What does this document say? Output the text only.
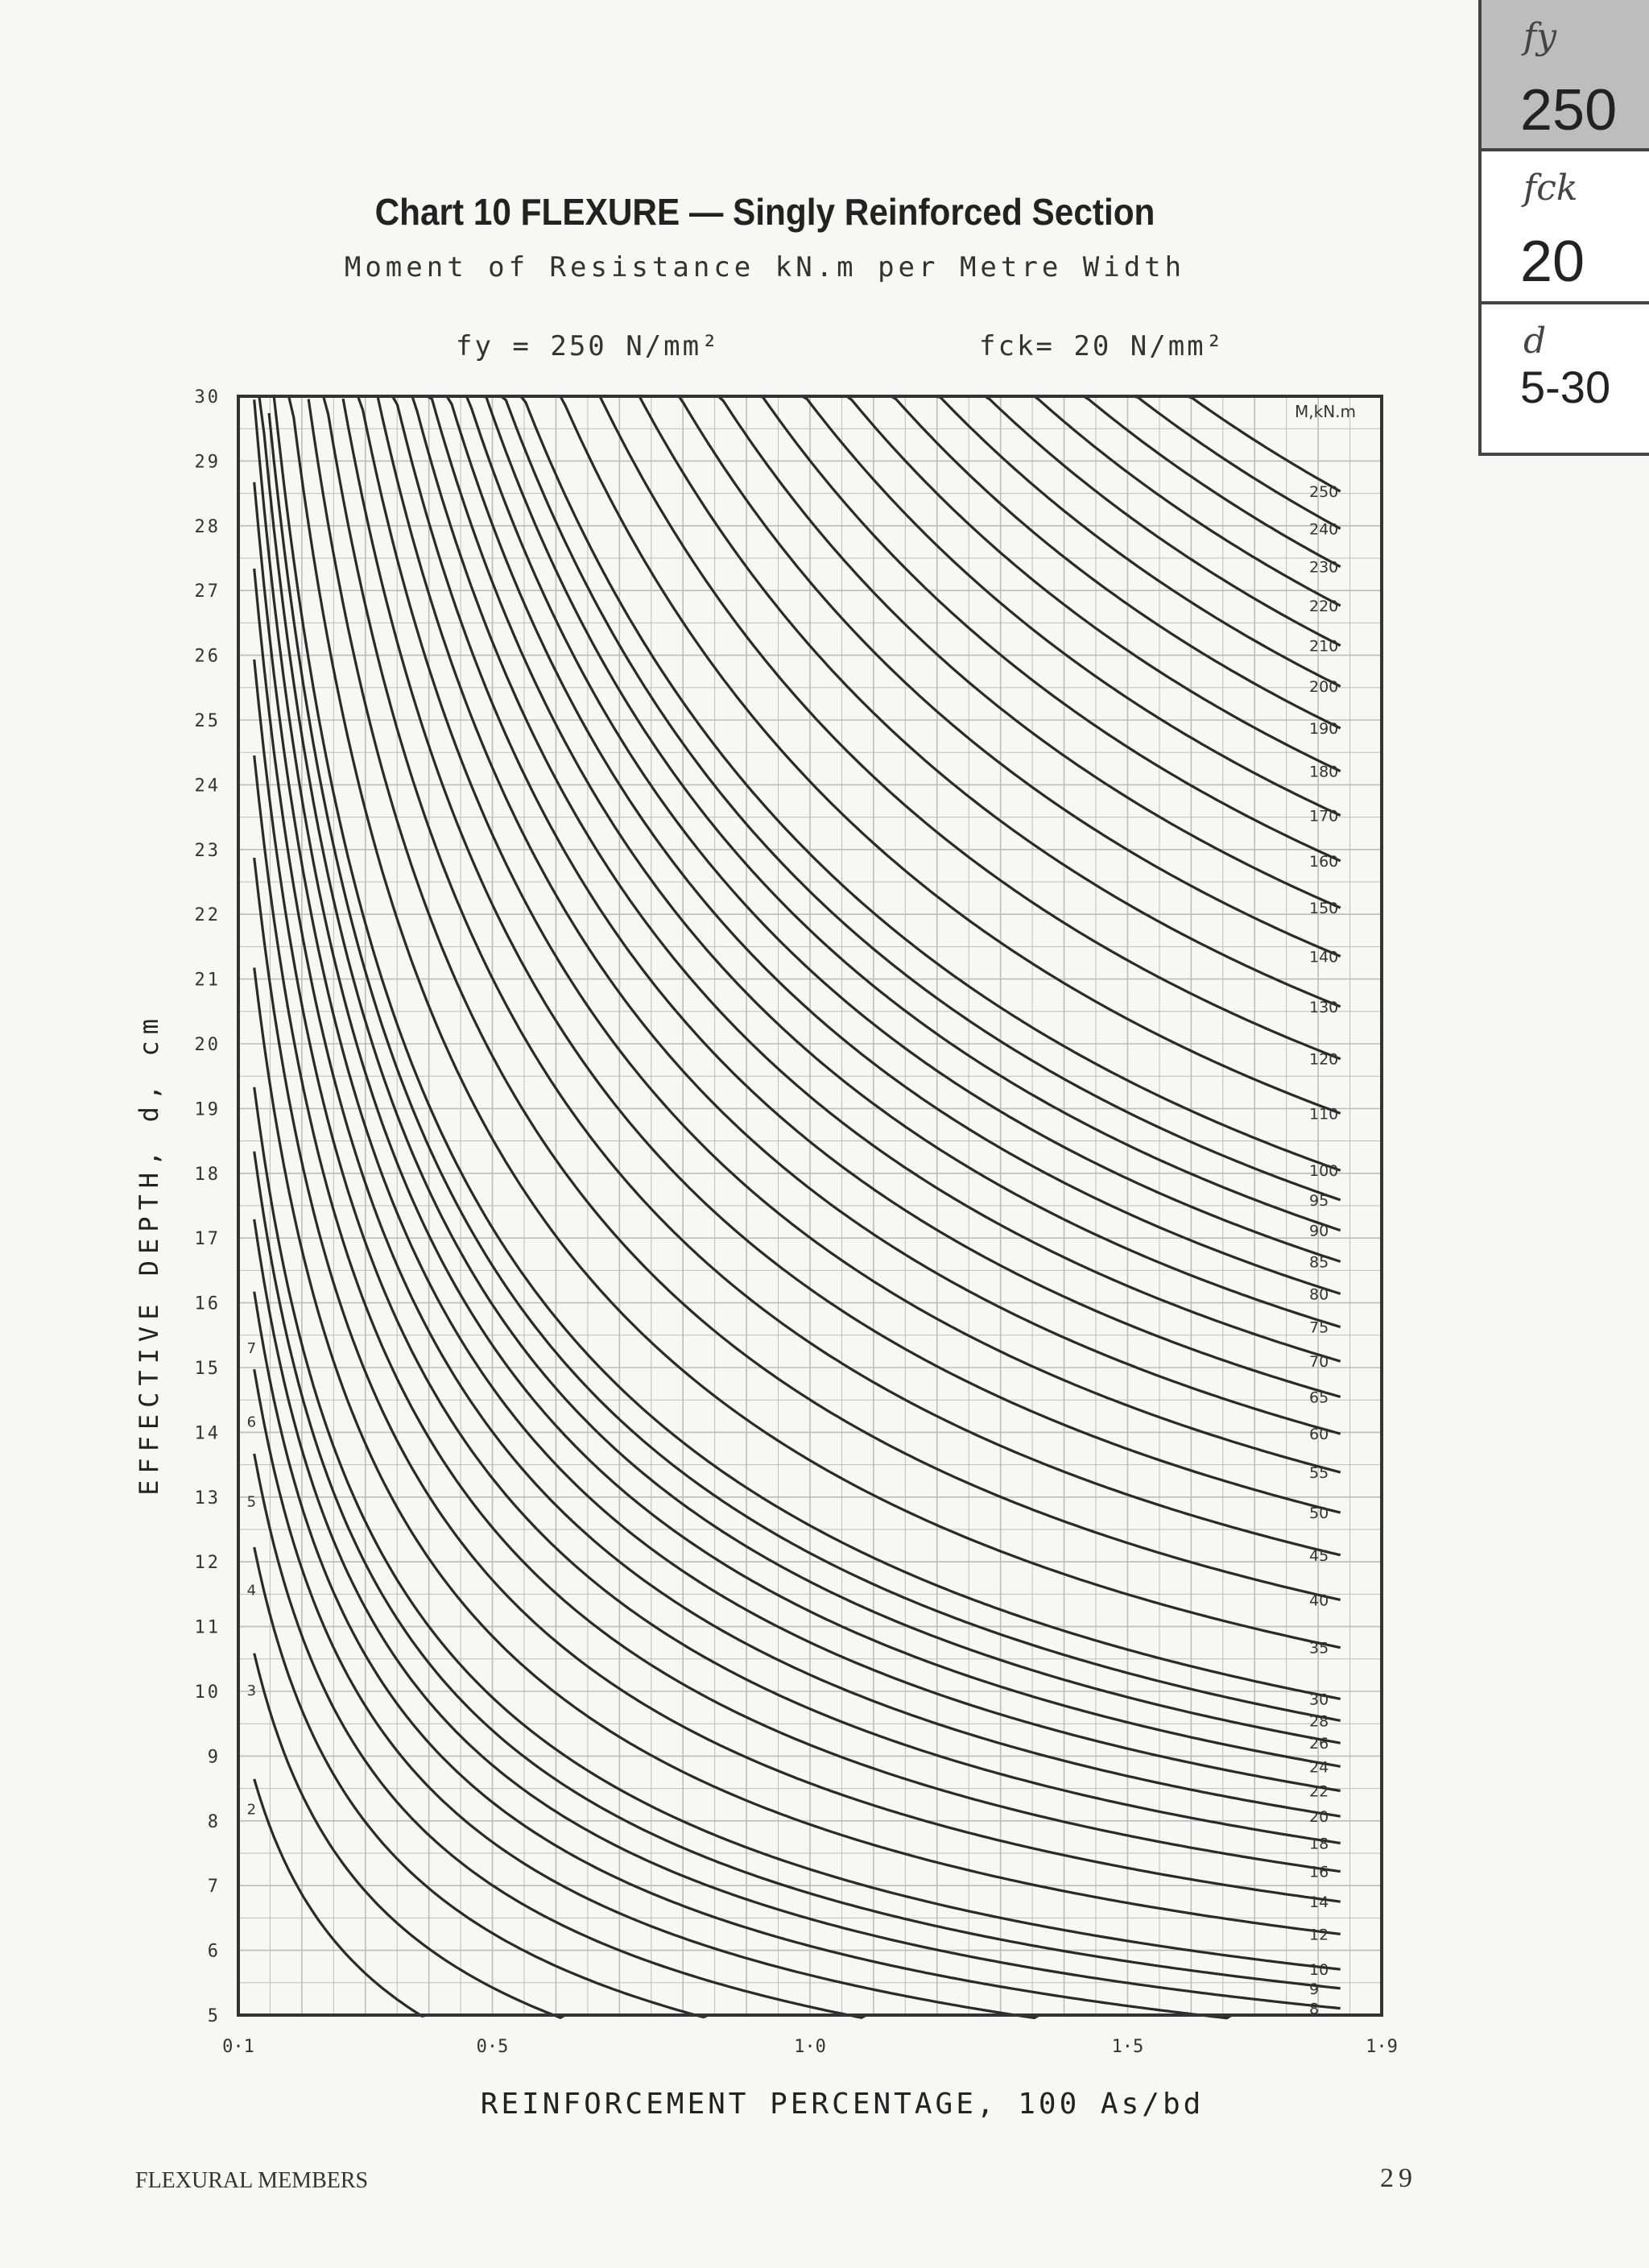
fy
250
fck
20
d
5-30
Chart 10 FLEXURE — Singly Reinforced Section
Moment of Resistance kN.m per Metre Width
fy = 250 N/mm²	fck= 20 N/mm²
2
3
4
5
6
7
8
9
10
12
14
16
18
20
22
24
26
28
30
35
40
45
50
55
60
65
70
75
80
85
90
95
100
110
120
130
140
150
160
170
180
190
200
210
220
230
240
250
5
6
7
8
9
10
11
12
13
14
15
16
17
18
19
20
21
22
23
24
25
26
27
28
29
30
0·1	0·5	1·0	1·5	1·9
M,kN.m
REINFORCEMENT PERCENTAGE, 100 As/bd
EFFECTIVE DEPTH, d, cm
FLEXURAL MEMBERS	29
